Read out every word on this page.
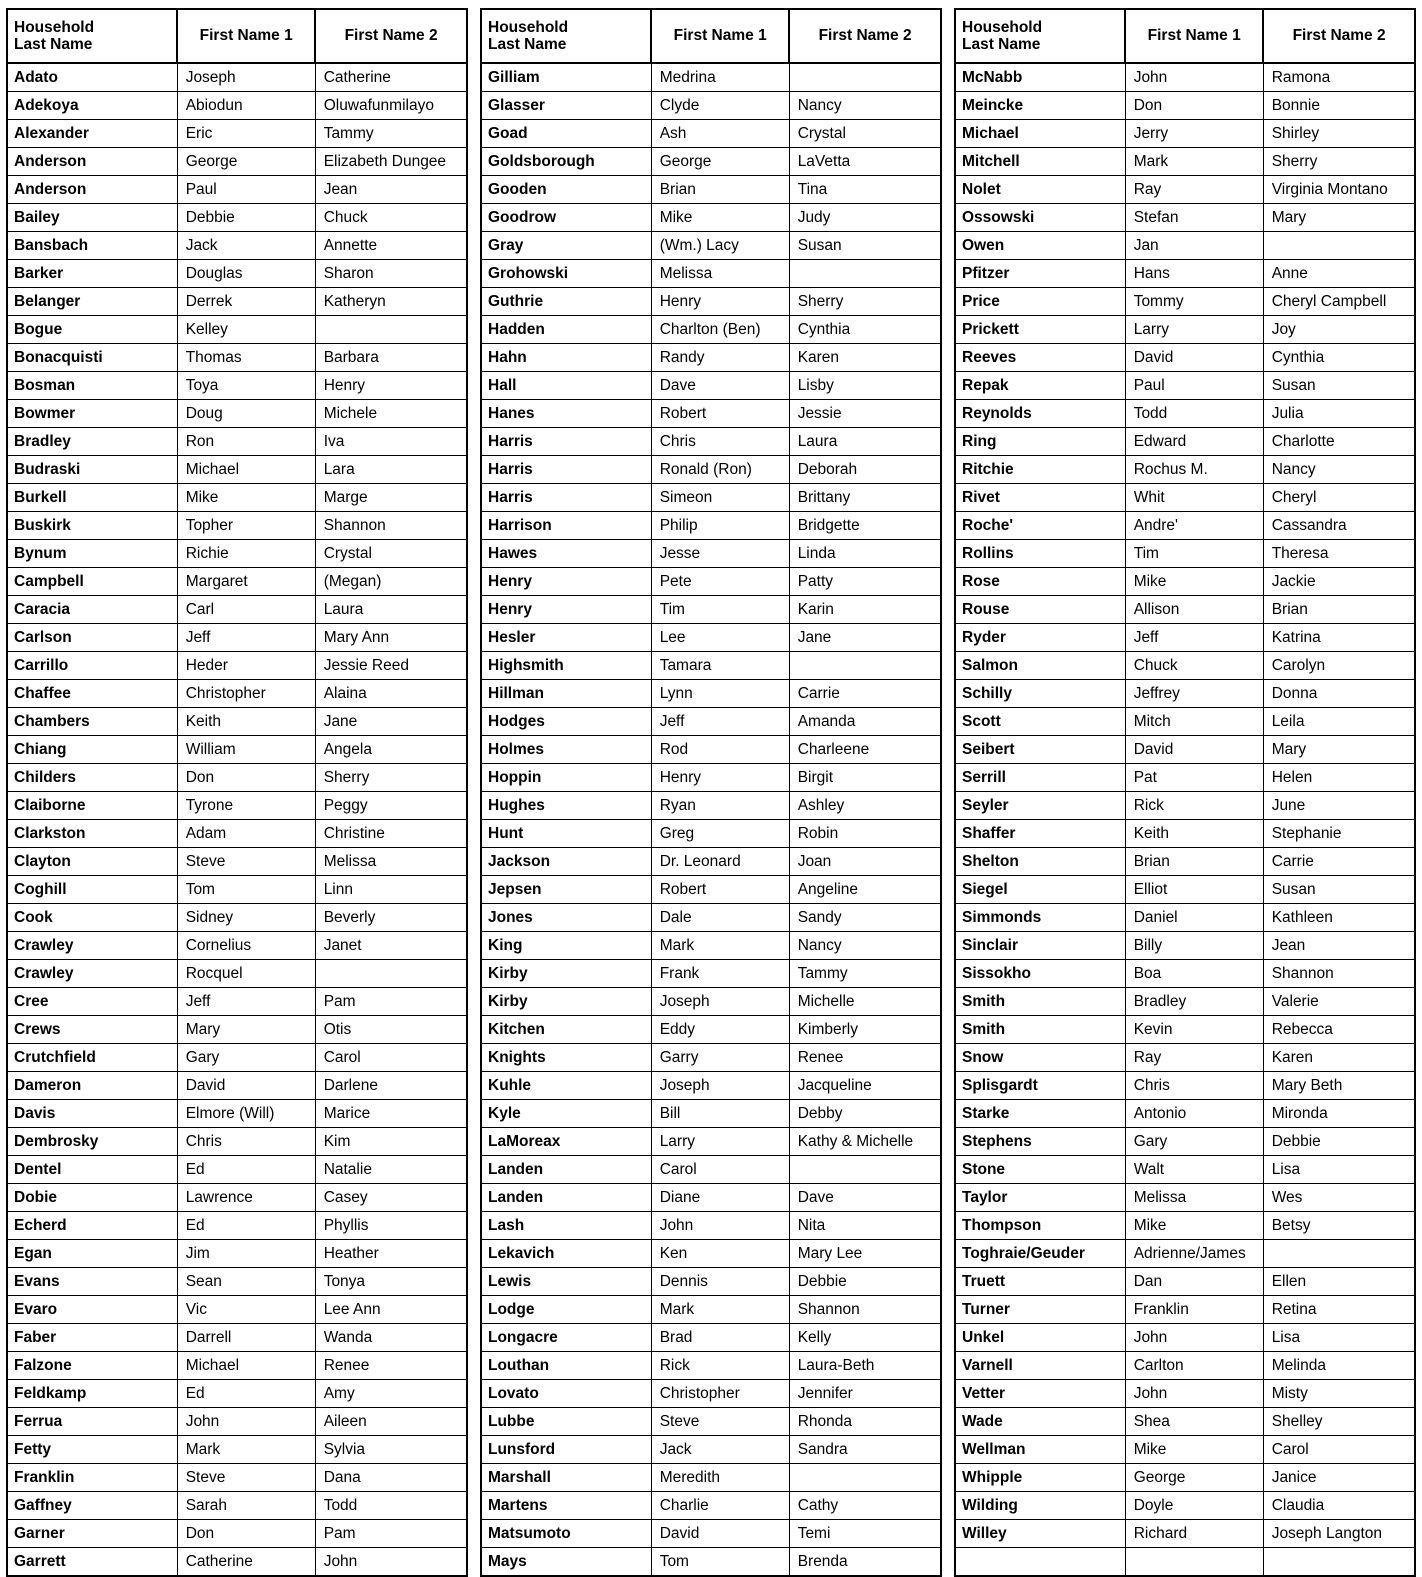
Household
Last Name	First Name 1	First Name 2
Adato	Joseph	Catherine
Adekoya	Abiodun	Oluwafunmilayo
Alexander	Eric	Tammy
Anderson	George	Elizabeth Dungee
Anderson	Paul	Jean
Bailey	Debbie	Chuck
Bansbach	Jack	Annette
Barker	Douglas	Sharon
Belanger	Derrek	Katheryn
Bogue	Kelley	
Bonacquisti	Thomas	Barbara
Bosman	Toya	Henry
Bowmer	Doug	Michele
Bradley	Ron	Iva
Budraski	Michael	Lara
Burkell	Mike	Marge
Buskirk	Topher	Shannon
Bynum	Richie	Crystal
Campbell	Margaret	(Megan)
Caracia	Carl	Laura
Carlson	Jeff	Mary Ann
Carrillo	Heder	Jessie Reed
Chaffee	Christopher	Alaina
Chambers	Keith	Jane
Chiang	William	Angela
Childers	Don	Sherry
Claiborne	Tyrone	Peggy
Clarkston	Adam	Christine
Clayton	Steve	Melissa
Coghill	Tom	Linn
Cook	Sidney	Beverly
Crawley	Cornelius	Janet
Crawley	Rocquel	
Cree	Jeff	Pam
Crews	Mary	Otis
Crutchfield	Gary	Carol
Dameron	David	Darlene
Davis	Elmore (Will)	Marice
Dembrosky	Chris	Kim
Dentel	Ed	Natalie
Dobie	Lawrence	Casey
Echerd	Ed	Phyllis
Egan	Jim	Heather
Evans	Sean	Tonya
Evaro	Vic	Lee Ann
Faber	Darrell	Wanda
Falzone	Michael	Renee
Feldkamp	Ed	Amy
Ferrua	John	Aileen
Fetty	Mark	Sylvia
Franklin	Steve	Dana
Gaffney	Sarah	Todd
Garner	Don	Pam
Garrett	Catherine	John
Household
Last Name	First Name 1	First Name 2
Gilliam	Medrina	
Glasser	Clyde	Nancy
Goad	Ash	Crystal
Goldsborough	George	LaVetta
Gooden	Brian	Tina
Goodrow	Mike	Judy
Gray	(Wm.) Lacy	Susan
Grohowski	Melissa	
Guthrie	Henry	Sherry
Hadden	Charlton (Ben)	Cynthia
Hahn	Randy	Karen
Hall	Dave	Lisby
Hanes	Robert	Jessie
Harris	Chris	Laura
Harris	Ronald (Ron)	Deborah
Harris	Simeon	Brittany
Harrison	Philip	Bridgette
Hawes	Jesse	Linda
Henry	Pete	Patty
Henry	Tim	Karin
Hesler	Lee	Jane
Highsmith	Tamara	
Hillman	Lynn	Carrie
Hodges	Jeff	Amanda
Holmes	Rod	Charleene
Hoppin	Henry	Birgit
Hughes	Ryan	Ashley
Hunt	Greg	Robin
Jackson	Dr. Leonard	Joan
Jepsen	Robert	Angeline
Jones	Dale	Sandy
King	Mark	Nancy
Kirby	Frank	Tammy
Kirby	Joseph	Michelle
Kitchen	Eddy	Kimberly
Knights	Garry	Renee
Kuhle	Joseph	Jacqueline
Kyle	Bill	Debby
LaMoreax	Larry	Kathy & Michelle
Landen	Carol	
Landen	Diane	Dave
Lash	John	Nita
Lekavich	Ken	Mary Lee
Lewis	Dennis	Debbie
Lodge	Mark	Shannon
Longacre	Brad	Kelly
Louthan	Rick	Laura-Beth
Lovato	Christopher	Jennifer
Lubbe	Steve	Rhonda
Lunsford	Jack	Sandra
Marshall	Meredith	
Martens	Charlie	Cathy
Matsumoto	David	Temi
Mays	Tom	Brenda
Household
Last Name	First Name 1	First Name 2
McNabb	John	Ramona
Meincke	Don	Bonnie
Michael	Jerry	Shirley
Mitchell	Mark	Sherry
Nolet	Ray	Virginia Montano
Ossowski	Stefan	Mary
Owen	Jan	
Pfitzer	Hans	Anne
Price	Tommy	Cheryl Campbell
Prickett	Larry	Joy
Reeves	David	Cynthia
Repak	Paul	Susan
Reynolds	Todd	Julia
Ring	Edward	Charlotte
Ritchie	Rochus M.	Nancy
Rivet	Whit	Cheryl
Roche'	Andre'	Cassandra
Rollins	Tim	Theresa
Rose	Mike	Jackie
Rouse	Allison	Brian
Ryder	Jeff	Katrina
Salmon	Chuck	Carolyn
Schilly	Jeffrey	Donna
Scott	Mitch	Leila
Seibert	David	Mary
Serrill	Pat	Helen
Seyler	Rick	June
Shaffer	Keith	Stephanie
Shelton	Brian	Carrie
Siegel	Elliot	Susan
Simmonds	Daniel	Kathleen
Sinclair	Billy	Jean
Sissokho	Boa	Shannon
Smith	Bradley	Valerie
Smith	Kevin	Rebecca
Snow	Ray	Karen
Splisgardt	Chris	Mary Beth
Starke	Antonio	Mironda
Stephens	Gary	Debbie
Stone	Walt	Lisa
Taylor	Melissa	Wes
Thompson	Mike	Betsy
Toghraie/Geuder	Adrienne/James	
Truett	Dan	Ellen
Turner	Franklin	Retina
Unkel	John	Lisa
Varnell	Carlton	Melinda
Vetter	John	Misty
Wade	Shea	Shelley
Wellman	Mike	Carol
Whipple	George	Janice
Wilding	Doyle	Claudia
Willey	Richard	Joseph Langton
